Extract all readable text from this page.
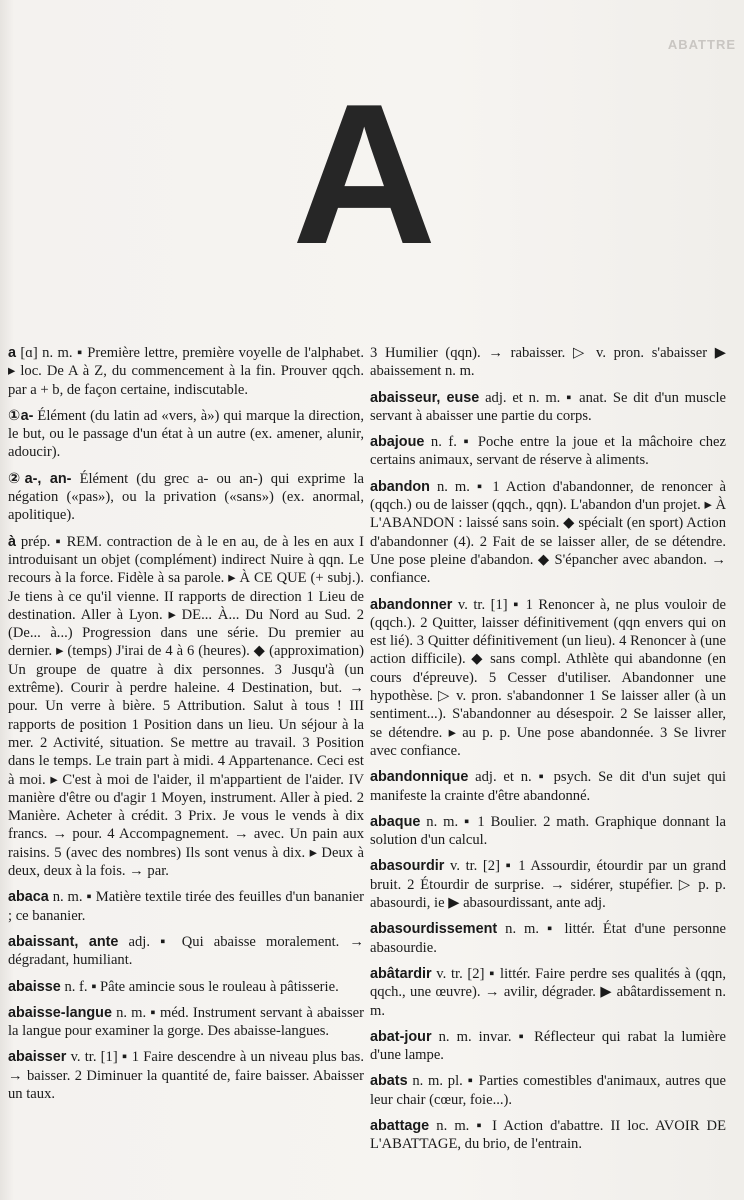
ABATTRE
A

a [ɑ] n. m. ▪ Première lettre, première voyelle de l'alphabet. ▸ loc. De A à Z, du commencement à la fin. Prouver qqch. par a + b, de façon certaine, indiscutable.

①a- Élément (du latin ad «vers, à») qui marque la direction, le but, ou le passage d'un état à un autre (ex. amener, alunir, adoucir).

②a-, an- Élément (du grec a- ou an-) qui exprime la négation («pas»), ou la privation («sans») (ex. anormal, apolitique).

à prép. ▪ REM. contraction de à le en au, de à les en aux I introduisant un objet (complément) indirect Nuire à qqn. Le recours à la force. Fidèle à sa parole. ▸ À CE QUE (+ subj.). Je tiens à ce qu'il vienne. II rapports de direction 1 Lieu de destination. Aller à Lyon. ▸ DE... À... Du Nord au Sud. 2 (De... à...) Progression dans une série. Du premier au dernier. ▸ (temps) J'irai de 4 à 6 (heures). ◆ (approximation) Un groupe de quatre à dix personnes. 3 Jusqu'à (un extrême). Courir à perdre haleine. 4 Destination, but. → pour. Un verre à bière. 5 Attribution. Salut à tous ! III rapports de position 1 Position dans un lieu. Un séjour à la mer. 2 Activité, situation. Se mettre au travail. 3 Position dans le temps. Le train part à midi. 4 Appartenance. Ceci est à moi. ▸ C'est à moi de l'aider, il m'appartient de l'aider. IV manière d'être ou d'agir 1 Moyen, instrument. Aller à pied. 2 Manière. Acheter à crédit. 3 Prix. Je vous le vends à dix francs. → pour. 4 Accompagnement. → avec. Un pain aux raisins. 5 (avec des nombres) Ils sont venus à dix. ▸ Deux à deux, deux à la fois. → par.

abaca n. m. ▪ Matière textile tirée des feuilles d'un bananier ; ce bananier.

abaissant, ante adj. ▪ Qui abaisse moralement. → dégradant, humiliant.

abaisse n. f. ▪ Pâte amincie sous le rouleau à pâtisserie.

abaisse-langue n. m. ▪ méd. Instrument servant à abaisser la langue pour examiner la gorge. Des abaisse-langues.

abaisser v. tr. [1] ▪ 1 Faire descendre à un niveau plus bas. → baisser. 2 Diminuer la quantité de, faire baisser. Abaisser un taux.

3 Humilier (qqn). → rabaisser. ▷ v. pron. s'abaisser ▶ abaissement n. m.

abaisseur, euse adj. et n. m. ▪ anat. Se dit d'un muscle servant à abaisser une partie du corps.

abajoue n. f. ▪ Poche entre la joue et la mâchoire chez certains animaux, servant de réserve à aliments.

abandon n. m. ▪ 1 Action d'abandonner, de renoncer à (qqch.) ou de laisser (qqch., qqn). L'abandon d'un projet. ▸ À L'ABANDON : laissé sans soin. ◆ spécialt (en sport) Action d'abandonner (4). 2 Fait de se laisser aller, de se détendre. Une pose pleine d'abandon. ◆ S'épancher avec abandon. → confiance.

abandonner v. tr. [1] ▪ 1 Renoncer à, ne plus vouloir de (qqch.). 2 Quitter, laisser définitivement (qqn envers qui on est lié). 3 Quitter définitivement (un lieu). 4 Renoncer à (une action difficile). ◆ sans compl. Athlète qui abandonne (en cours d'épreuve). 5 Cesser d'utiliser. Abandonner une hypothèse. ▷ v. pron. s'abandonner 1 Se laisser aller (à un sentiment...). S'abandonner au désespoir. 2 Se laisser aller, se détendre. ▸ au p. p. Une pose abandonnée. 3 Se livrer avec confiance.

abandonnique adj. et n. ▪ psych. Se dit d'un sujet qui manifeste la crainte d'être abandonné.

abaque n. m. ▪ 1 Boulier. 2 math. Graphique donnant la solution d'un calcul.

abasourdir v. tr. [2] ▪ 1 Assourdir, étourdir par un grand bruit. 2 Étourdir de surprise. → sidérer, stupéfier. ▷ p. p. abasourdi, ie ▶ abasourdissant, ante adj.

abasourdissement n. m. ▪ littér. État d'une personne abasourdie.

abâtardir v. tr. [2] ▪ littér. Faire perdre ses qualités à (qqn, qqch., une œuvre). → avilir, dégrader. ▶ abâtardissement n. m.

abat-jour n. m. invar. ▪ Réflecteur qui rabat la lumière d'une lampe.

abats n. m. pl. ▪ Parties comestibles d'animaux, autres que leur chair (cœur, foie...).

abattage n. m. ▪ I Action d'abattre. II loc. AVOIR DE L'ABATTAGE, du brio, de l'entrain.
